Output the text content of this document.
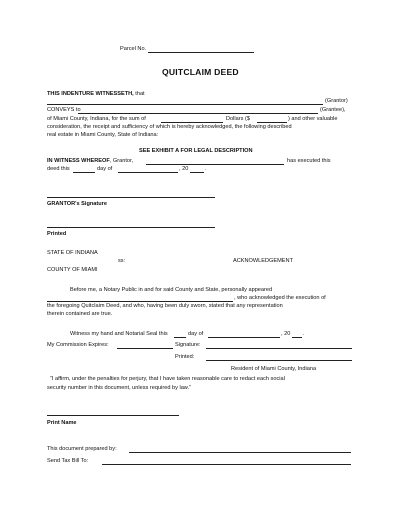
Parcel No.
QUITCLAIM DEED
THIS INDENTURE WITNESSETH, that
(Grantor)
CONVEYS to	(Grantee),
of Miami County, Indiana, for the sum of	Dollars ($	) and other valuable
consideration, the receipt and sufficiency of which is hereby acknowledged, the following described
real estate in Miami County, State of Indiana:
SEE EXHIBIT A FOR LEGAL DESCRIPTION
IN WITNESS WHEREOF, Grantor,	has executed this
deed this	day of	, 20	.
GRANTOR's Signature
Printed
STATE OF INDIANA
ss:	ACKNOWLEDGEMENT
COUNTY OF MIAMI
Before me, a Notary Public in and for said County and State, personally appeared
, who acknowledged the execution of
the foregoing Quitclaim Deed, and who, having been duly sworn, stated that any representation
therein contained are true.
Witness my hand and Notarial Seal this	day of	, 20 .
My Commission Expires:	Signature:
Printed:
Resident of Miami County, Indiana
“I affirm, under the penalties for perjury, that I have taken reasonable care to redact each social
security number in this document, unless required by law.”
Print Name
This document prepared by:
Send Tax Bill To:
